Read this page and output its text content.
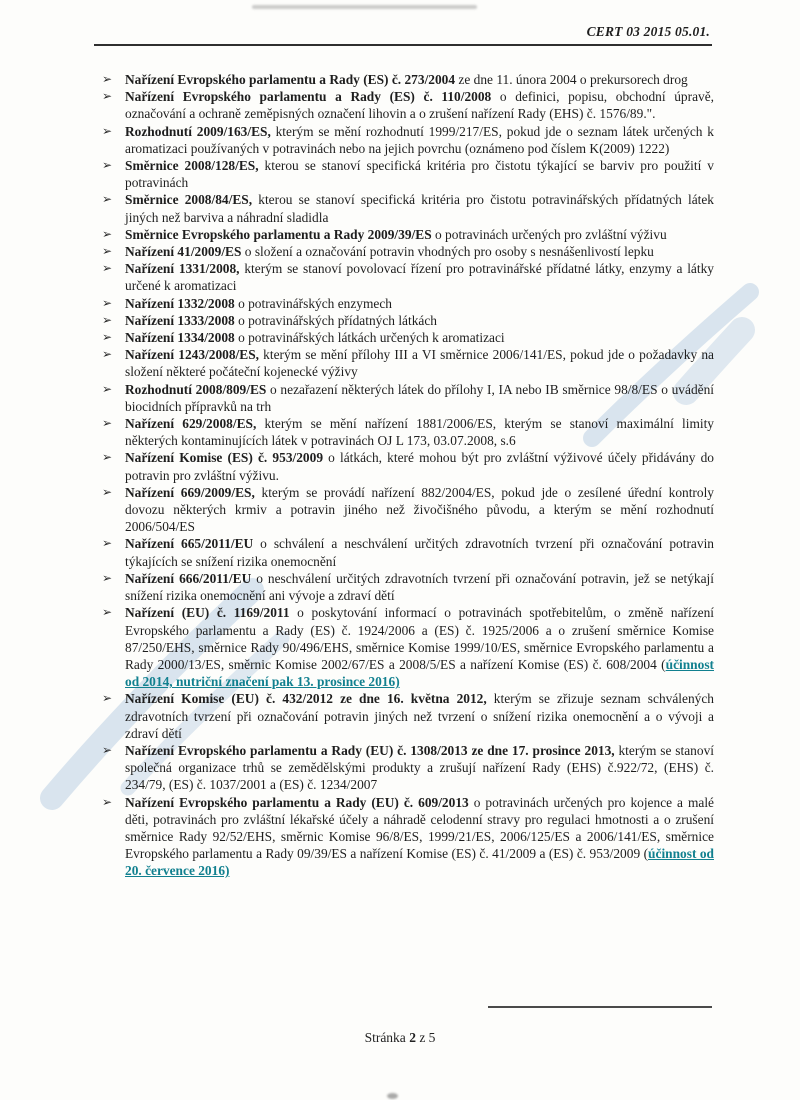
CERT 03 2015 05.01.
➢ Nařízení Evropského parlamentu a Rady (ES) č. 273/2004 ze dne 11. února 2004 o prekursorech drog
➢ Nařízení Evropského parlamentu a Rady (ES) č. 110/2008 o definici, popisu, obchodní úpravě, označování a ochraně zeměpisných označení lihovin a o zrušení nařízení Rady (EHS) č. 1576/89.".
➢ Rozhodnutí 2009/163/ES, kterým se mění rozhodnutí 1999/217/ES, pokud jde o seznam látek určených k aromatizaci používaných v potravinách nebo na jejich povrchu (oznámeno pod číslem K(2009) 1222)
➢ Směrnice 2008/128/ES, kterou se stanoví specifická kritéria pro čistotu týkající se barviv pro použití v potravinách
➢ Směrnice 2008/84/ES, kterou se stanoví specifická kritéria pro čistotu potravinářských přídatných látek jiných než barviva a náhradní sladidla
➢ Směrnice Evropského parlamentu a Rady 2009/39/ES o potravinách určených pro zvláštní výživu
➢ Nařízení 41/2009/ES o složení a označování potravin vhodných pro osoby s nesnášenlivostí lepku
➢ Nařízení 1331/2008, kterým se stanoví povolovací řízení pro potravinářské přídatné látky, enzymy a látky určené k aromatizaci
➢ Nařízení 1332/2008 o potravinářských enzymech
➢ Nařízení 1333/2008 o potravinářských přídatných látkách
➢ Nařízení 1334/2008 o potravinářských látkách určených k aromatizaci
➢ Nařízení 1243/2008/ES, kterým se mění přílohy III a VI směrnice 2006/141/ES, pokud jde o požadavky na složení některé počáteční kojenecké výživy
➢ Rozhodnutí 2008/809/ES o nezařazení některých látek do přílohy I, IA nebo IB směrnice 98/8/ES o uvádění biocidních přípravků na trh
➢ Nařízení 629/2008/ES, kterým se mění nařízení 1881/2006/ES, kterým se stanoví maximální limity některých kontaminujících látek v potravinách OJ L 173, 03.07.2008, s.6
➢ Nařízení Komise (ES) č. 953/2009 o látkách, které mohou být pro zvláštní výživové účely přidávány do potravin pro zvláštní výživu.
➢ Nařízení 669/2009/ES, kterým se provádí nařízení 882/2004/ES, pokud jde o zesílené úřední kontroly dovozu některých krmiv a potravin jiného než živočišného původu, a kterým se mění rozhodnutí 2006/504/ES
➢ Nařízení 665/2011/EU o schválení a neschválení určitých zdravotních tvrzení při označování potravin týkajících se snížení rizika onemocnění
➢ Nařízení 666/2011/EU o neschválení určitých zdravotních tvrzení při označování potravin, jež se netýkají snížení rizika onemocnění ani vývoje a zdraví dětí
➢ Nařízení (EU) č. 1169/2011 o poskytování informací o potravinách spotřebitelům, o změně nařízení Evropského parlamentu a Rady (ES) č. 1924/2006 a (ES) č. 1925/2006 a o zrušení směrnice Komise 87/250/EHS, směrnice Rady 90/496/EHS, směrnice Komise 1999/10/ES, směrnice Evropského parlamentu a Rady 2000/13/ES, směrnic Komise 2002/67/ES a 2008/5/ES a nařízení Komise (ES) č. 608/2004 (účinnost od 2014, nutriční značení pak 13. prosince 2016)
➢ Nařízení Komise (EU) č. 432/2012 ze dne 16. května 2012, kterým se zřizuje seznam schválených zdravotních tvrzení při označování potravin jiných než tvrzení o snížení rizika onemocnění a o vývoji a zdraví dětí
➢ Nařízení Evropského parlamentu a Rady (EU) č. 1308/2013 ze dne 17. prosince 2013, kterým se stanoví společná organizace trhů se zemědělskými produkty a zrušují nařízení Rady (EHS) č.922/72, (EHS) č. 234/79, (ES) č. 1037/2001 a (ES) č. 1234/2007
➢ Nařízení Evropského parlamentu a Rady (EU) č. 609/2013 o potravinách určených pro kojence a malé děti, potravinách pro zvláštní lékařské účely a náhradě celodenní stravy pro regulaci hmotnosti a o zrušení směrnice Rady 92/52/EHS, směrnic Komise 96/8/ES, 1999/21/ES, 2006/125/ES a 2006/141/ES, směrnice Evropského parlamentu a Rady 09/39/ES a nařízení Komise (ES) č. 41/2009 a (ES) č. 953/2009 (účinnost od 20. července 2016)
Stránka 2 z 5
